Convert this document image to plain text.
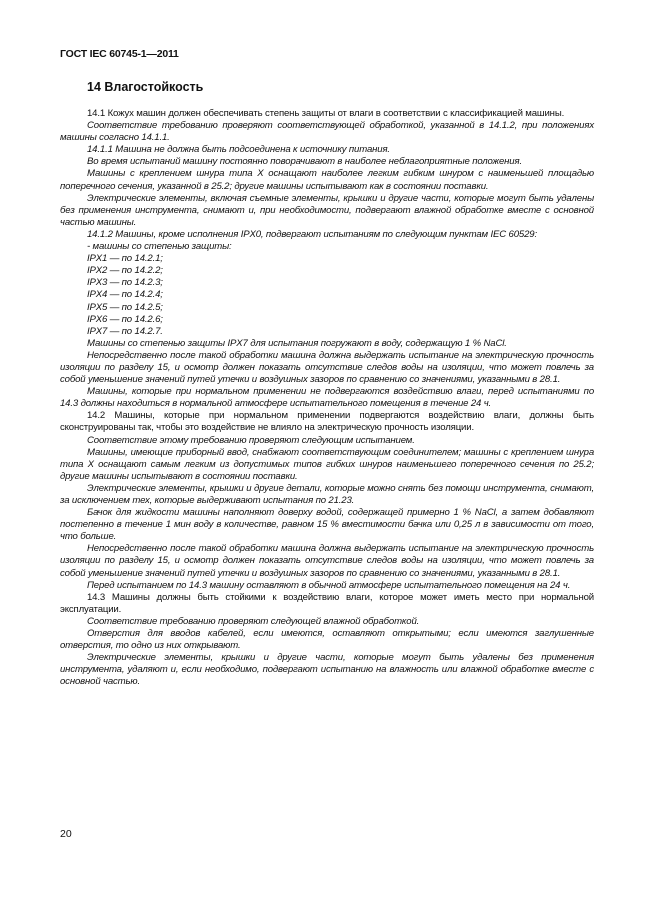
ГОСТ IEC 60745-1—2011
14 Влагостойкость

14.1 Кожух машин должен обеспечивать степень защиты от влаги в соответствии с классификацией машины.

Соответствие требованию проверяют соответствующей обработкой, указанной в 14.1.2, при положениях машины согласно 14.1.1.

14.1.1 Машина не должна быть подсоединена к источнику питания.

Во время испытаний машину постоянно поворачивают в наиболее неблагоприятные положения.

Машины с креплением шнура типа X оснащают наиболее легким гибким шнуром с наименьшей площадью поперечного сечения, указанной в 25.2; другие машины испытывают как в состоянии поставки.

Электрические элементы, включая съемные элементы, крышки и другие части, которые могут быть удалены без применения инструмента, снимают и, при необходимости, подвергают влажной обработке вместе с основной частью машины.

14.1.2 Машины, кроме исполнения IPX0, подвергают испытаниям по следующим пунктам IEC 60529:

- машины со степенью защиты:

IPX1 — по 14.2.1;

IPX2 — по 14.2.2;

IPX3 — по 14.2.3;

IPX4 — по 14.2.4;

IPX5 — по 14.2.5;

IPX6 — по 14.2.6;

IPX7 — по 14.2.7.

Машины со степенью защиты IPX7 для испытания погружают в воду, содержащую 1 % NaCl.

Непосредственно после такой обработки машина должна выдержать испытание на электрическую прочность изоляции по разделу 15, и осмотр должен показать отсутствие следов воды на изоляции, что может повлечь за собой уменьшение значений путей утечки и воздушных зазоров по сравнению со значениями, указанными в 28.1.

Машины, которые при нормальном применении не подвергаются воздействию влаги, перед испытаниями по 14.3 должны находиться в нормальной атмосфере испытательного помещения в течение 24 ч.

14.2 Машины, которые при нормальном применении подвергаются воздействию влаги, должны быть сконструированы так, чтобы это воздействие не влияло на электрическую прочность изоляции.

Соответствие этому требованию проверяют следующим испытанием.

Машины, имеющие приборный ввод, снабжают соответствующим соединителем; машины с креплением шнура типа X оснащают самым легким из допустимых типов гибких шнуров наименьшего поперечного сечения по 25.2; другие машины испытывают в состоянии поставки.

Электрические элементы, крышки и другие детали, которые можно снять без помощи инструмента, снимают, за исключением тех, которые выдерживают испытания по 21.23.

Бачок для жидкости машины наполняют доверху водой, содержащей примерно 1 % NaCl, а затем добавляют постепенно в течение 1 мин воду в количестве, равном 15 % вместимости бачка или 0,25 л в зависимости от того, что больше.

Непосредственно после такой обработки машина должна выдержать испытание на электрическую прочность изоляции по разделу 15, и осмотр должен показать отсутствие следов воды на изоляции, что может повлечь за собой уменьшение значений путей утечки и воздушных зазоров по сравнению со значениями, указанными в 28.1.

Перед испытанием по 14.3 машину оставляют в обычной атмосфере испытательного помещения на 24 ч.

14.3 Машины должны быть стойкими к воздействию влаги, которое может иметь место при нормальной эксплуатации.

Соответствие требованию проверяют следующей влажной обработкой.

Отверстия для вводов кабелей, если имеются, оставляют открытыми; если имеются заглушенные отверстия, то одно из них открывают.

Электрические элементы, крышки и другие части, которые могут быть удалены без применения инструмента, удаляют и, если необходимо, подвергают испытанию на влажность или влажной обработке вместе с основной частью.

20
